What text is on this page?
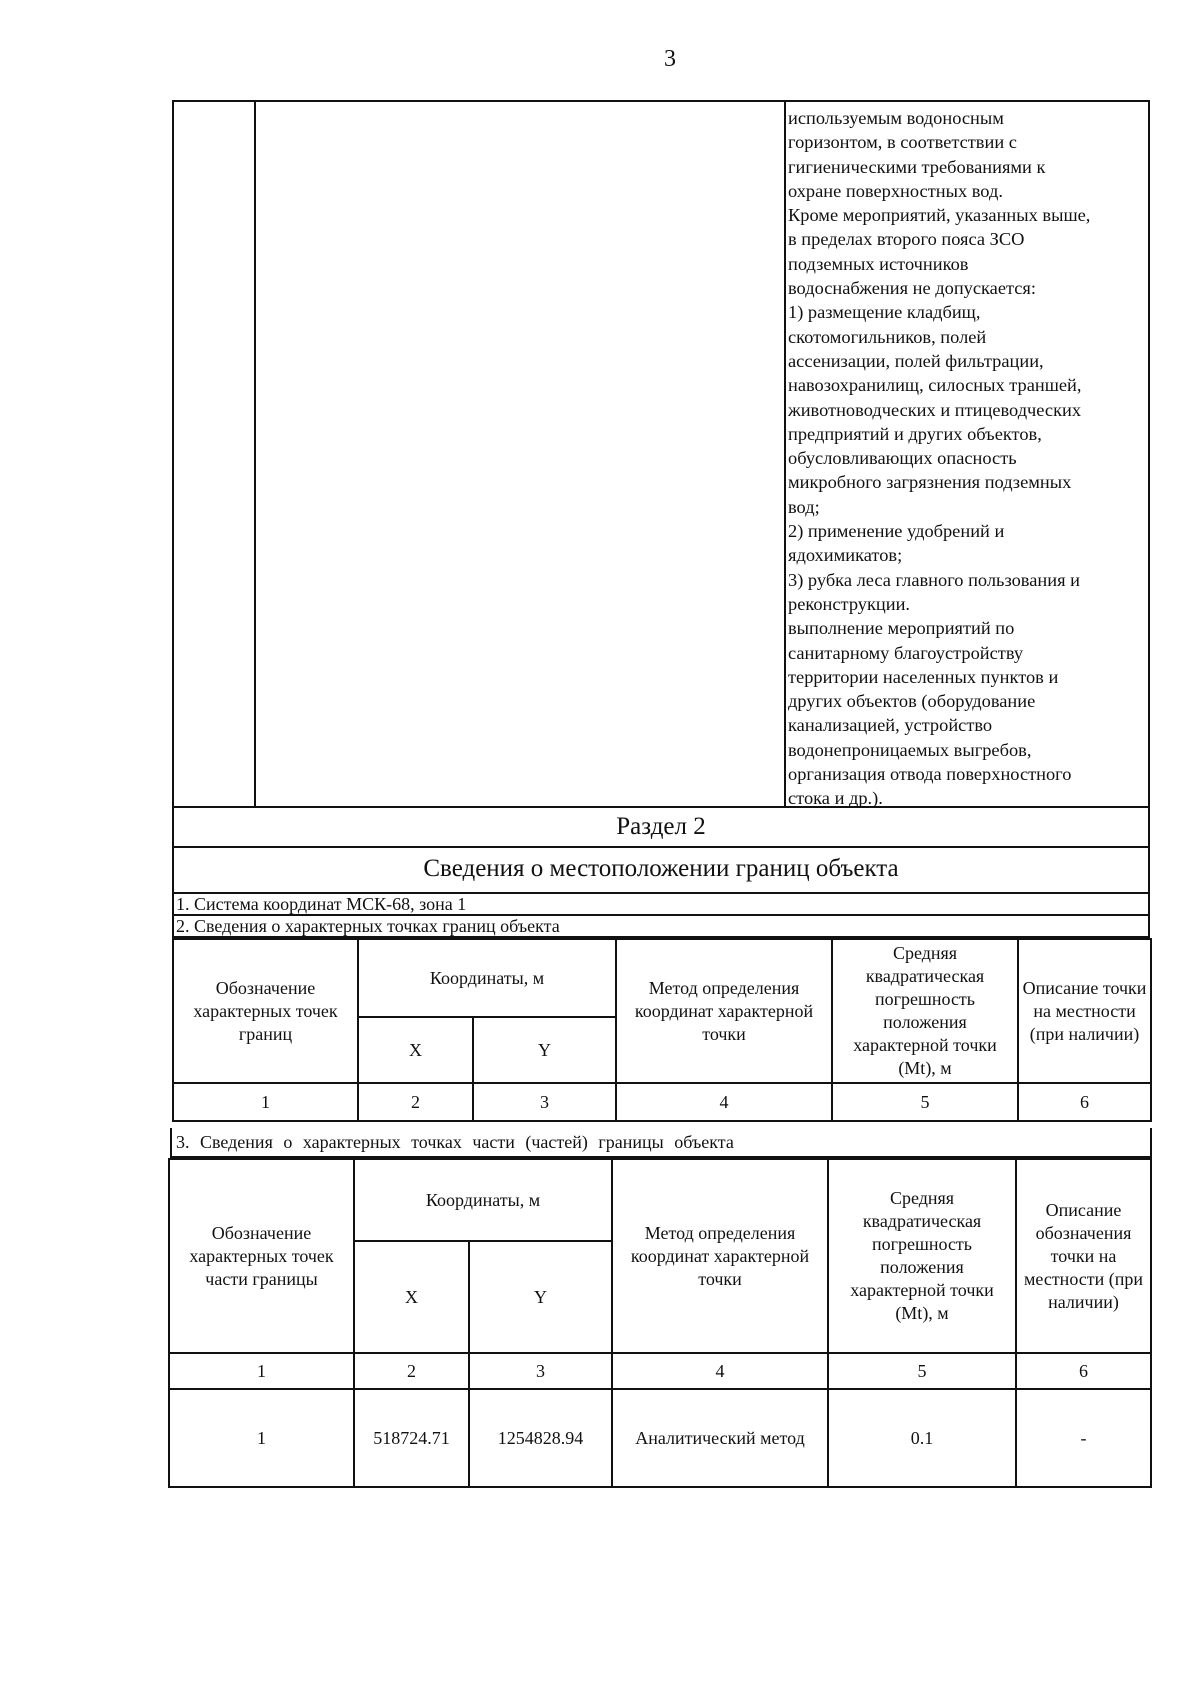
3
используемым водоносным
горизонтом, в соответствии с
гигиеническими требованиями к
охране поверхностных вод.
Кроме мероприятий, указанных выше,
в пределах второго пояса ЗСО
подземных источников
водоснабжения не допускается:
1) размещение кладбищ,
скотомогильников, полей
ассенизации, полей фильтрации,
навозохранилищ, силосных траншей,
животноводческих и птицеводческих
предприятий и других объектов,
обусловливающих опасность
микробного загрязнения подземных
вод;
2) применение удобрений и
ядохимикатов;
3) рубка леса главного пользования и
реконструкции.
выполнение мероприятий по
санитарному благоустройству
территории населенных пунктов и
других объектов (оборудование
канализацией, устройство
водонепроницаемых выгребов,
организация отвода поверхностного
стока и др.).
Раздел 2
Сведения о местоположении границ объекта
1. Система координат МСК-68, зона 1
2. Сведения о характерных точках границ объекта
Обозначение характерных точек границ	Координаты, м		Метод определения координат характерной точки	Средняя квадратическая погрешность положения характерной точки (Mt), м	Описание точки на местности (при наличии)
	X	Y			
1	2	3	4	5	6
3. Сведения о характерных точках части (частей) границы объекта
Обозначение характерных точек части границы	Координаты, м		Метод определения координат характерной точки	Средняя квадратическая погрешность положения характерной точки (Mt), м	Описание обозначения точки на местности (при наличии)
	X	Y			
1	2	3	4	5	6
1	518724.71	1254828.94	Аналитический метод	0.1	-
